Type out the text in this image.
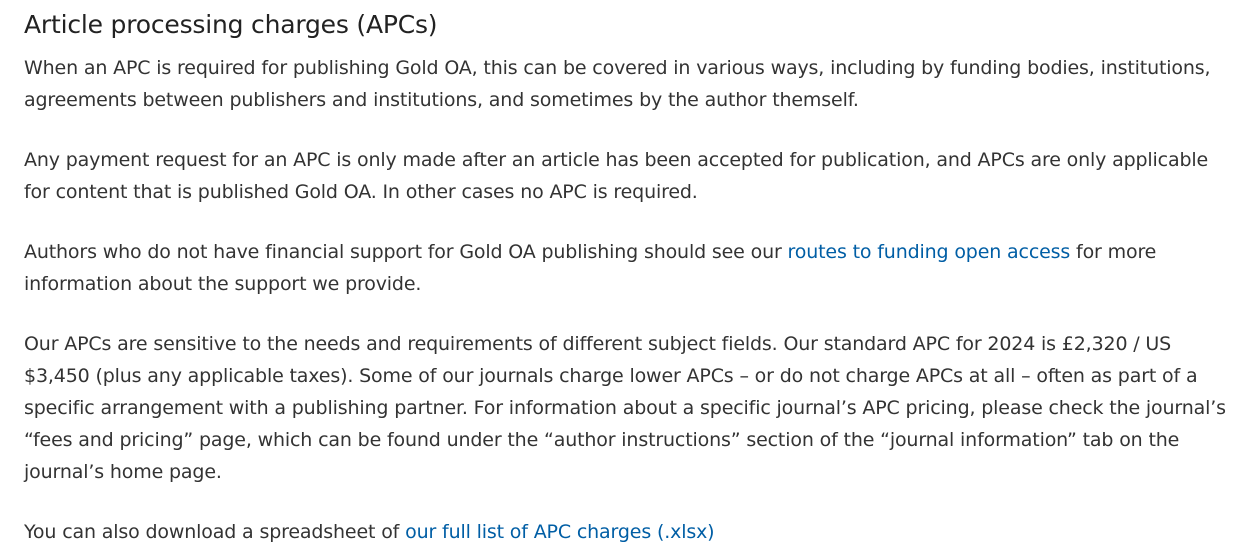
Article processing charges (APCs)

When an APC is required for publishing Gold OA, this can be covered in various ways, including by funding bodies, institutions, agreements between publishers and institutions, and sometimes by the author themself.

Any payment request for an APC is only made after an article has been accepted for publication, and APCs are only applicable for content that is published Gold OA. In other cases no APC is required.

Authors who do not have financial support for Gold OA publishing should see our routes to funding open access for more information about the support we provide.

Our APCs are sensitive to the needs and requirements of different subject fields. Our standard APC for 2024 is £2,320 / US $3,450 (plus any applicable taxes). Some of our journals charge lower APCs – or do not charge APCs at all – often as part of a specific arrangement with a publishing partner. For information about a specific journal’s APC pricing, please check the journal’s “fees and pricing” page, which can be found under the “author instructions” section of the “journal information” tab on the journal’s home page.

You can also download a spreadsheet of our full list of APC charges (.xlsx)
